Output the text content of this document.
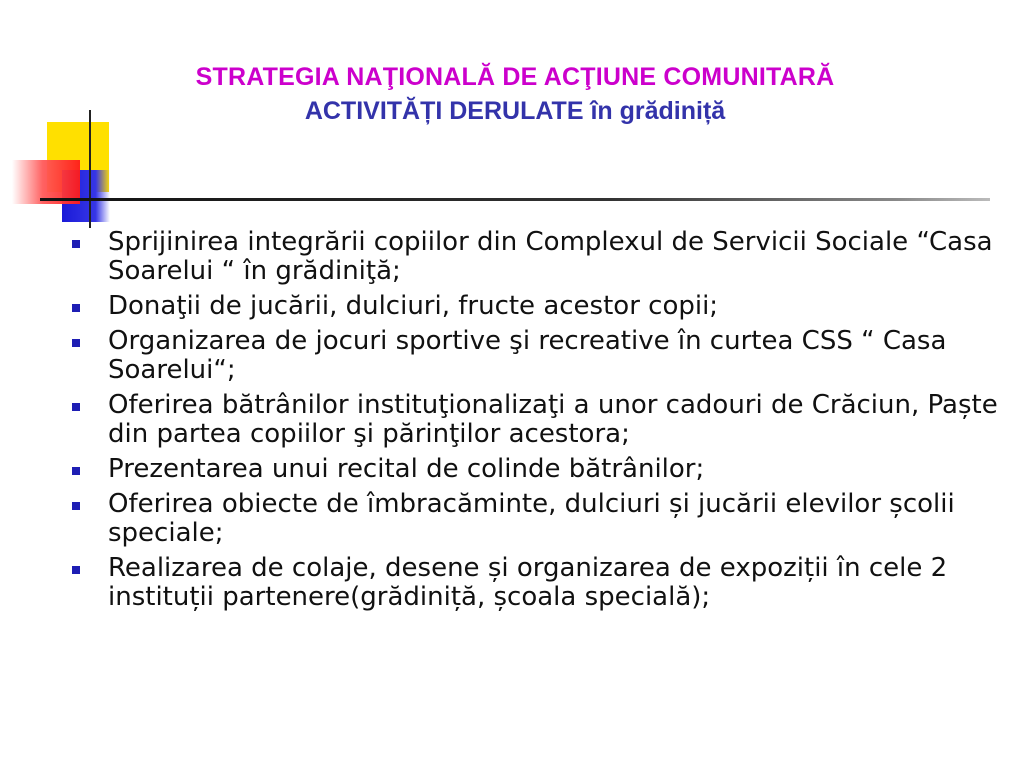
STRATEGIA NAŢIONALĂ DE ACŢIUNE COMUNITARĂ
ACTIVITĂȚI DERULATE în grădiniță
Sprijinirea integrării copiilor din Complexul de Servicii Sociale “Casa Soarelui “ în grădiniţă;
Donaţii de jucării, dulciuri, fructe acestor copii;
Organizarea de jocuri sportive şi recreative în curtea CSS “ Casa Soarelui“;
Oferirea bătrânilor instituţionalizaţi a unor cadouri de Crăciun, Paște din partea copiilor şi părinţilor acestora;
Prezentarea unui recital de colinde bătrânilor;
Oferirea obiecte de îmbracăminte, dulciuri și jucării elevilor școlii speciale;
Realizarea de colaje, desene și organizarea de expoziții în cele 2 instituții partenere(grădiniță, școala specială);
